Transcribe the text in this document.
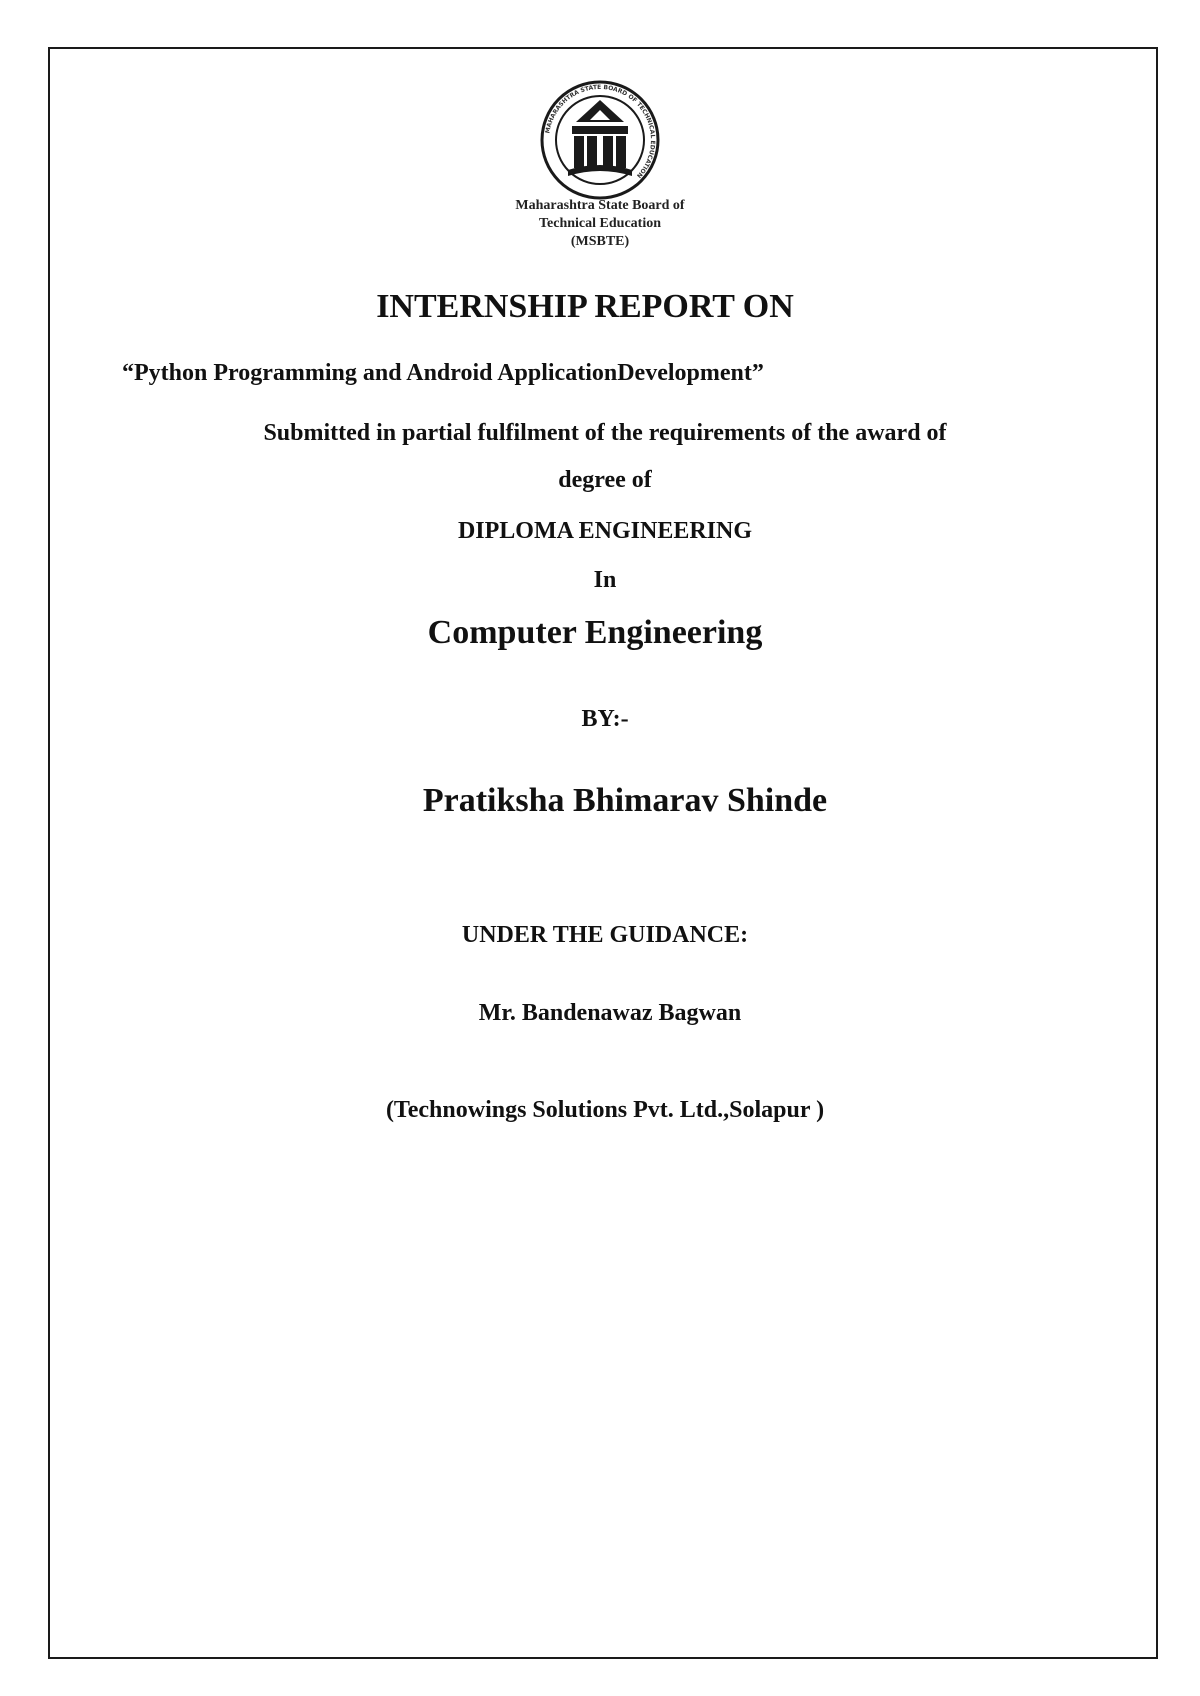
MAHARASHTRA STATE BOARD OF TECHNICAL EDUCATION
Maharashtra State Board of
Technical Education
(MSBTE)
INTERNSHIP REPORT ON
“Python Programming and Android ApplicationDevelopment”
Submitted in partial fulfilment of the requirements of the award of
degree of
DIPLOMA ENGINEERING
In
Computer Engineering
BY:-
Pratiksha Bhimarav Shinde
UNDER THE GUIDANCE:
Mr. Bandenawaz Bagwan
(Technowings Solutions Pvt. Ltd.,Solapur )
